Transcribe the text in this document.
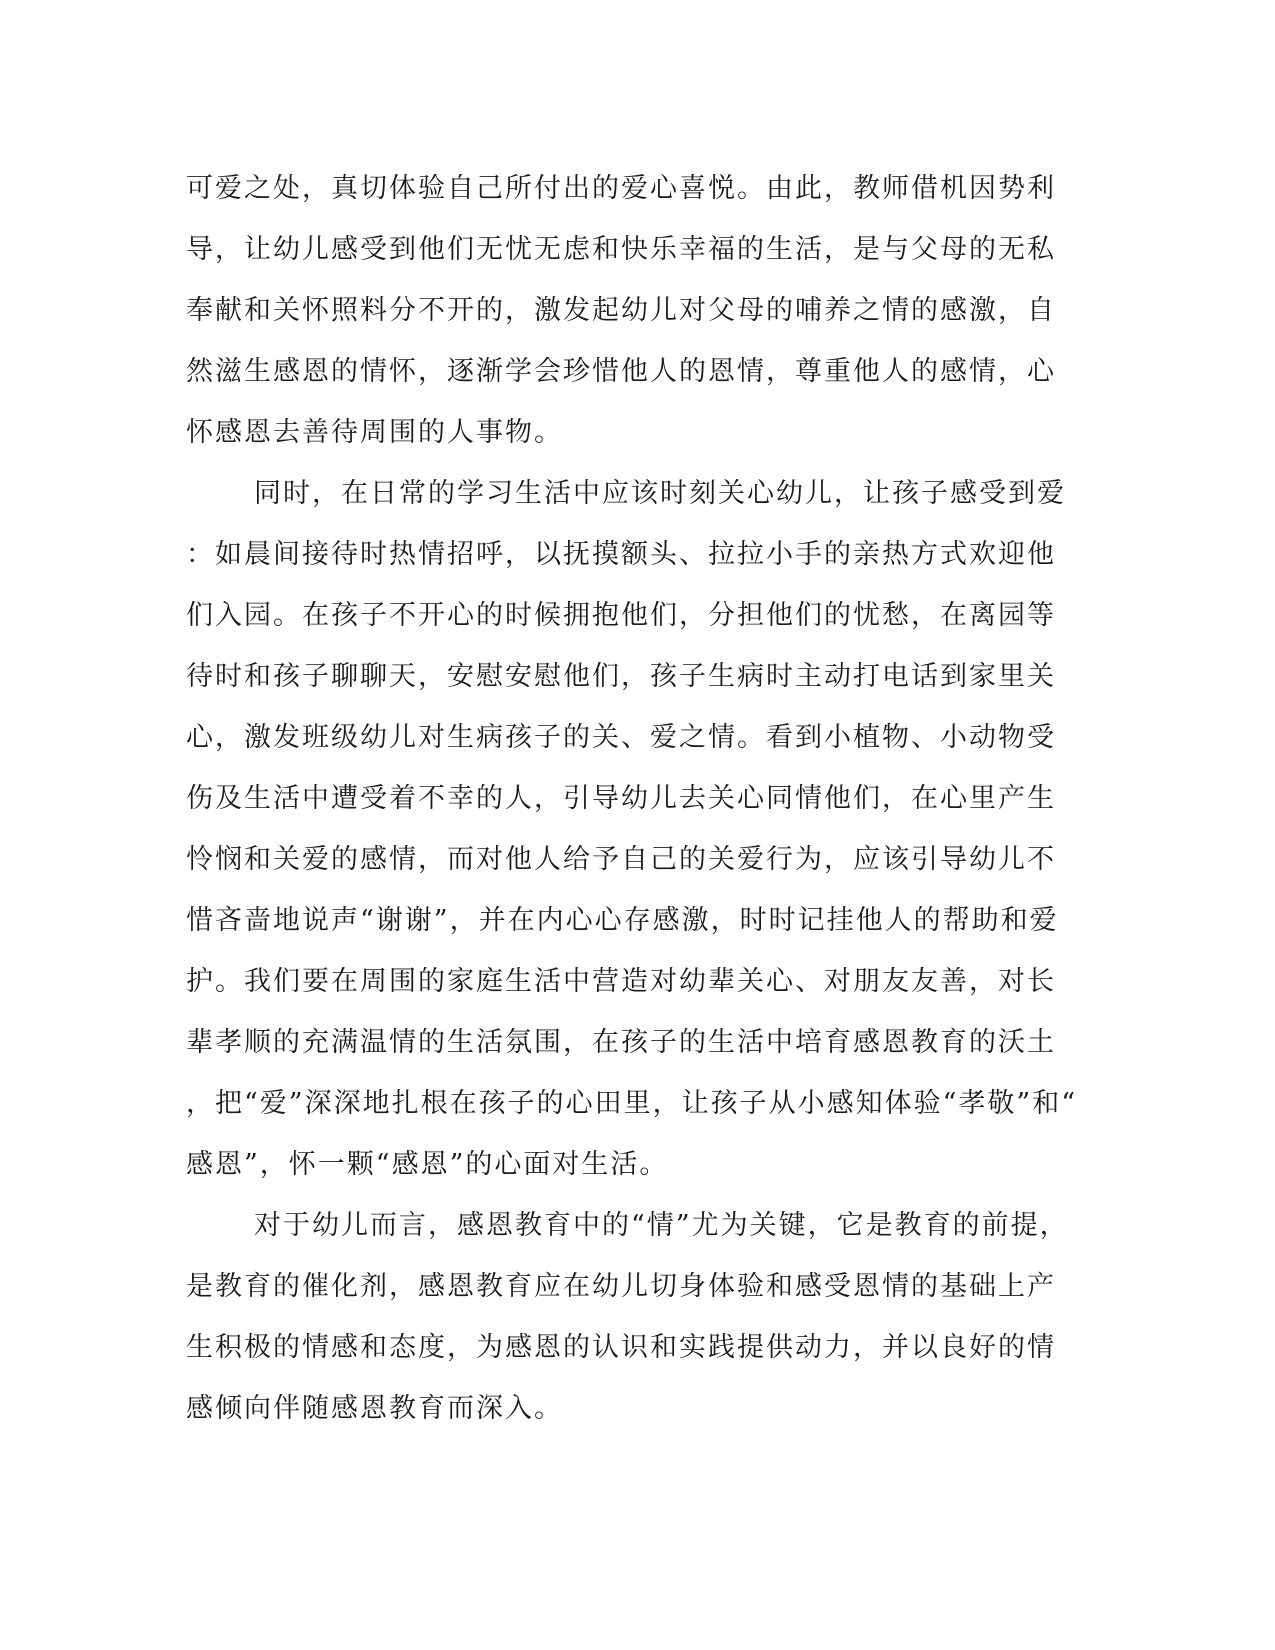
可爱之处，真切体验自己所付出的爱心喜悦。由此，教师借机因势利
导，让幼儿感受到他们无忧无虑和快乐幸福的生活，是与父母的无私
奉献和关怀照料分不开的，激发起幼儿对父母的哺养之情的感激，自
然滋生感恩的情怀，逐渐学会珍惜他人的恩情，尊重他人的感情，心
怀感恩去善待周围的人事物。
同时，在日常的学习生活中应该时刻关心幼儿，让孩子感受到爱
：如晨间接待时热情招呼，以抚摸额头、拉拉小手的亲热方式欢迎他
们入园。在孩子不开心的时候拥抱他们，分担他们的忧愁，在离园等
待时和孩子聊聊天，安慰安慰他们，孩子生病时主动打电话到家里关
心，激发班级幼儿对生病孩子的关、爱之情。看到小植物、小动物受
伤及生活中遭受着不幸的人，引导幼儿去关心同情他们，在心里产生
怜悯和关爱的感情，而对他人给予自己的关爱行为，应该引导幼儿不
惜吝啬地说声“谢谢”，并在内心心存感激，时时记挂他人的帮助和爱
护。我们要在周围的家庭生活中营造对幼辈关心、对朋友友善，对长
辈孝顺的充满温情的生活氛围，在孩子的生活中培育感恩教育的沃土
，把“爱”深深地扎根在孩子的心田里，让孩子从小感知体验“孝敬”和“
感恩”，怀一颗“感恩”的心面对生活。
对于幼儿而言，感恩教育中的“情”尤为关键，它是教育的前提，
是教育的催化剂，感恩教育应在幼儿切身体验和感受恩情的基础上产
生积极的情感和态度，为感恩的认识和实践提供动力，并以良好的情
感倾向伴随感恩教育而深入。
